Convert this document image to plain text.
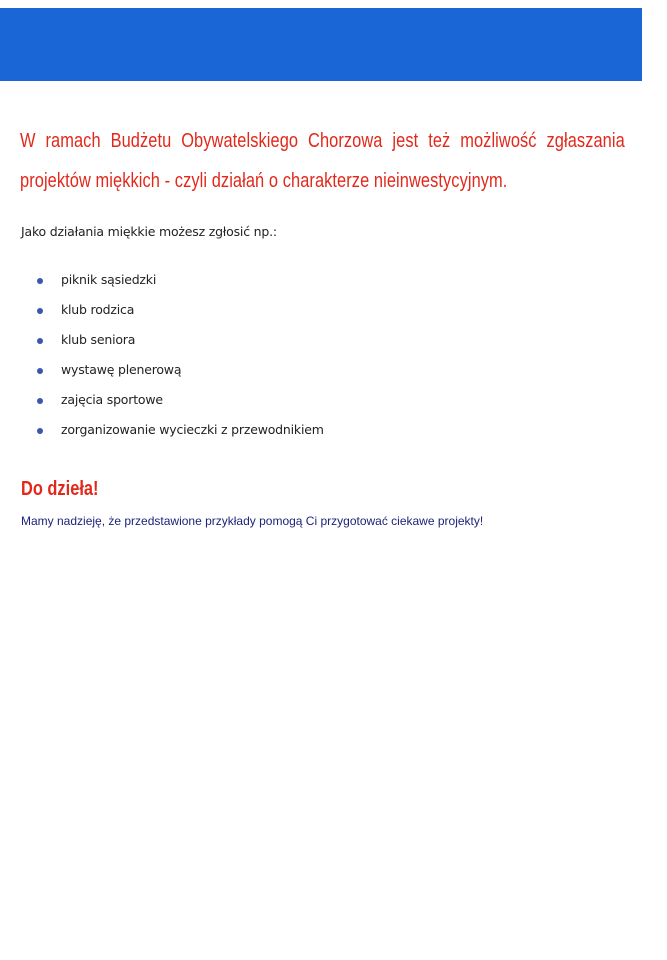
W ramach Budżetu Obywatelskiego Chorzowa jest też możliwość zgłaszania projektów miękkich - czyli działań o charakterze nieinwestycyjnym.

Jako działania miękkie możesz zgłosić np.:

piknik sąsiedzki
klub rodzica
klub seniora
wystawę plenerową
zajęcia sportowe
zorganizowanie wycieczki z przewodnikiem
Do dzieła!

Mamy nadzieję, że przedstawione przykłady pomogą Ci przygotować ciekawe projekty!
